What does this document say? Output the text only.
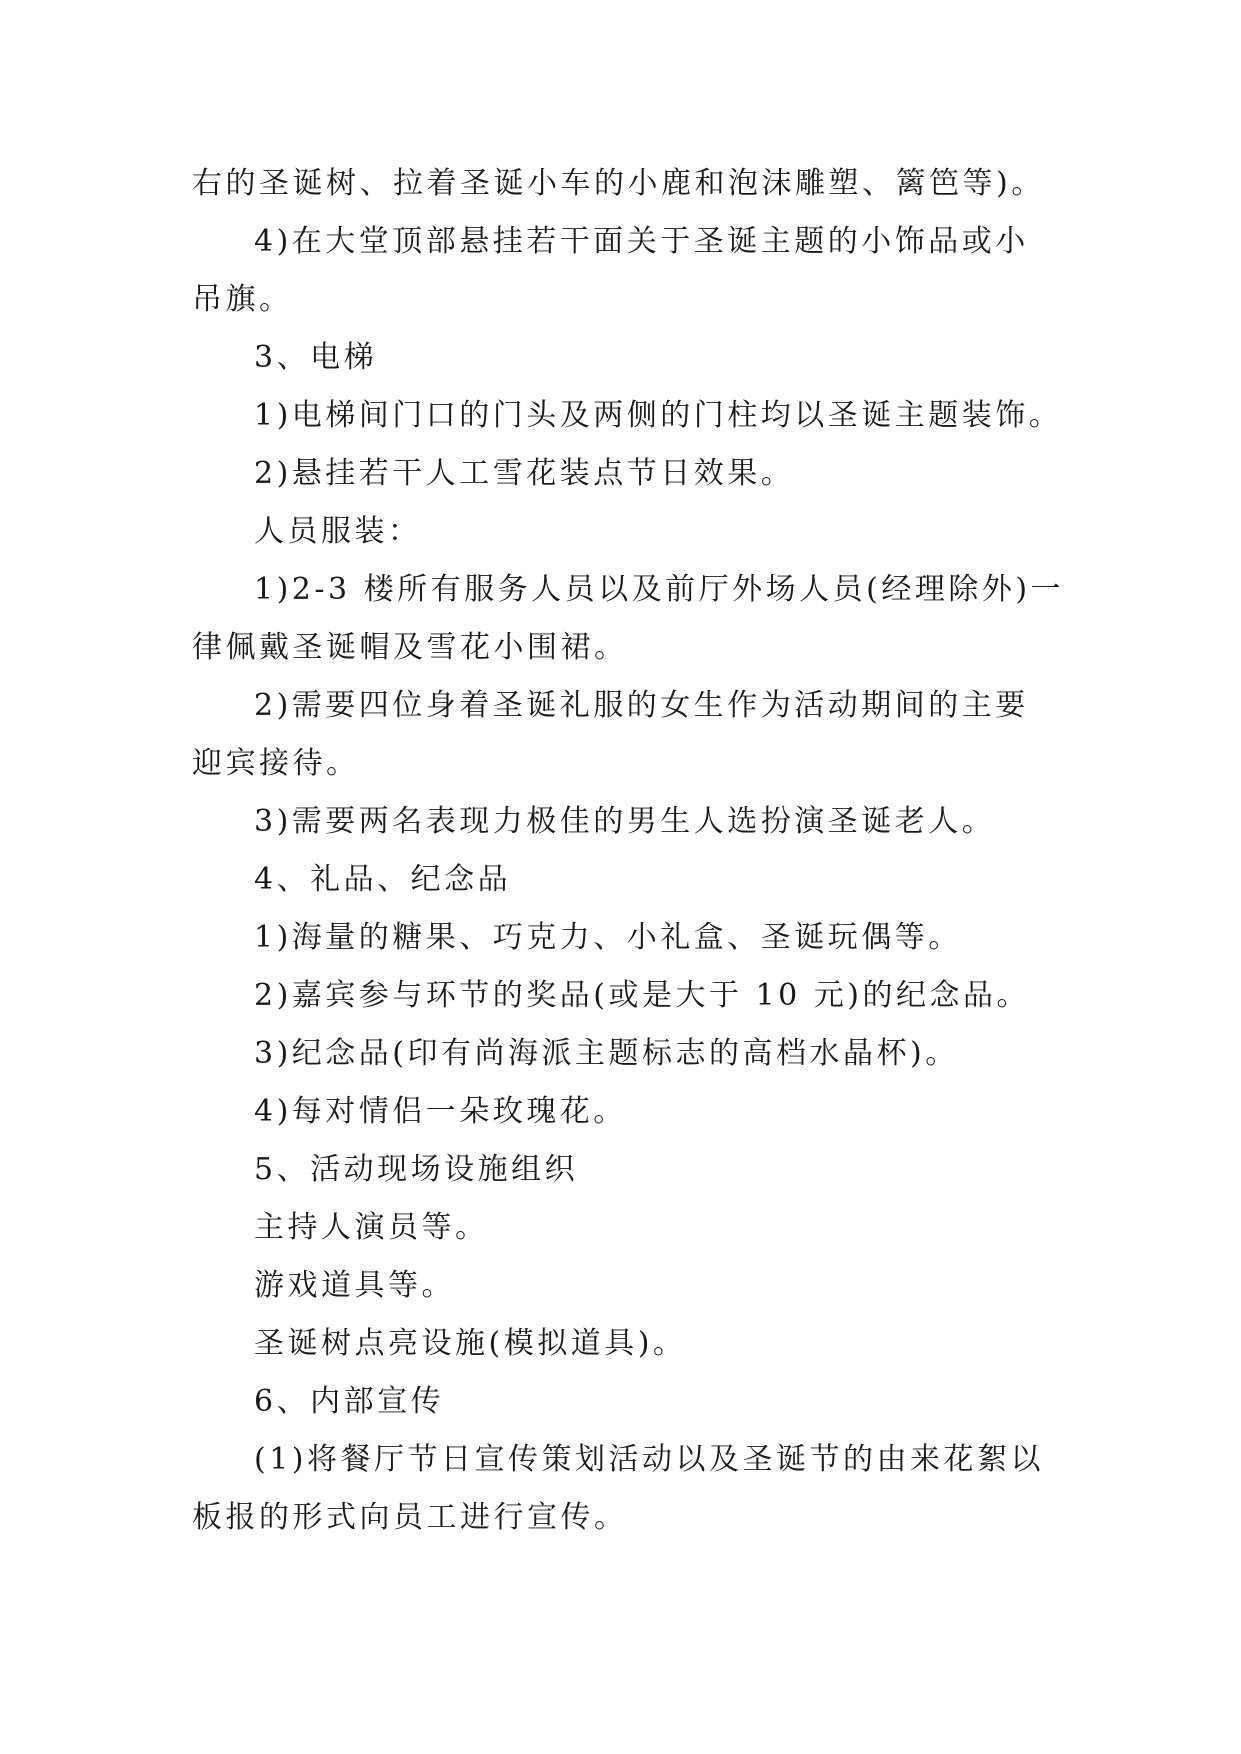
右的圣诞树、拉着圣诞小车的小鹿和泡沫雕塑、篱笆等)。
4)在大堂顶部悬挂若干面关于圣诞主题的小饰品或小
吊旗。
3、电梯
1)电梯间门口的门头及两侧的门柱均以圣诞主题装饰。
2)悬挂若干人工雪花装点节日效果。
人员服装：
1)2-3 楼所有服务人员以及前厅外场人员(经理除外)一
律佩戴圣诞帽及雪花小围裙。
2)需要四位身着圣诞礼服的女生作为活动期间的主要
迎宾接待。
3)需要两名表现力极佳的男生人选扮演圣诞老人。
4、礼品、纪念品
1)海量的糖果、巧克力、小礼盒、圣诞玩偶等。
2)嘉宾参与环节的奖品(或是大于 10 元)的纪念品。
3)纪念品(印有尚海派主题标志的高档水晶杯)。
4)每对情侣一朵玫瑰花。
5、活动现场设施组织
主持人演员等。
游戏道具等。
圣诞树点亮设施(模拟道具)。
6、内部宣传
(1)将餐厅节日宣传策划活动以及圣诞节的由来花絮以
板报的形式向员工进行宣传。
